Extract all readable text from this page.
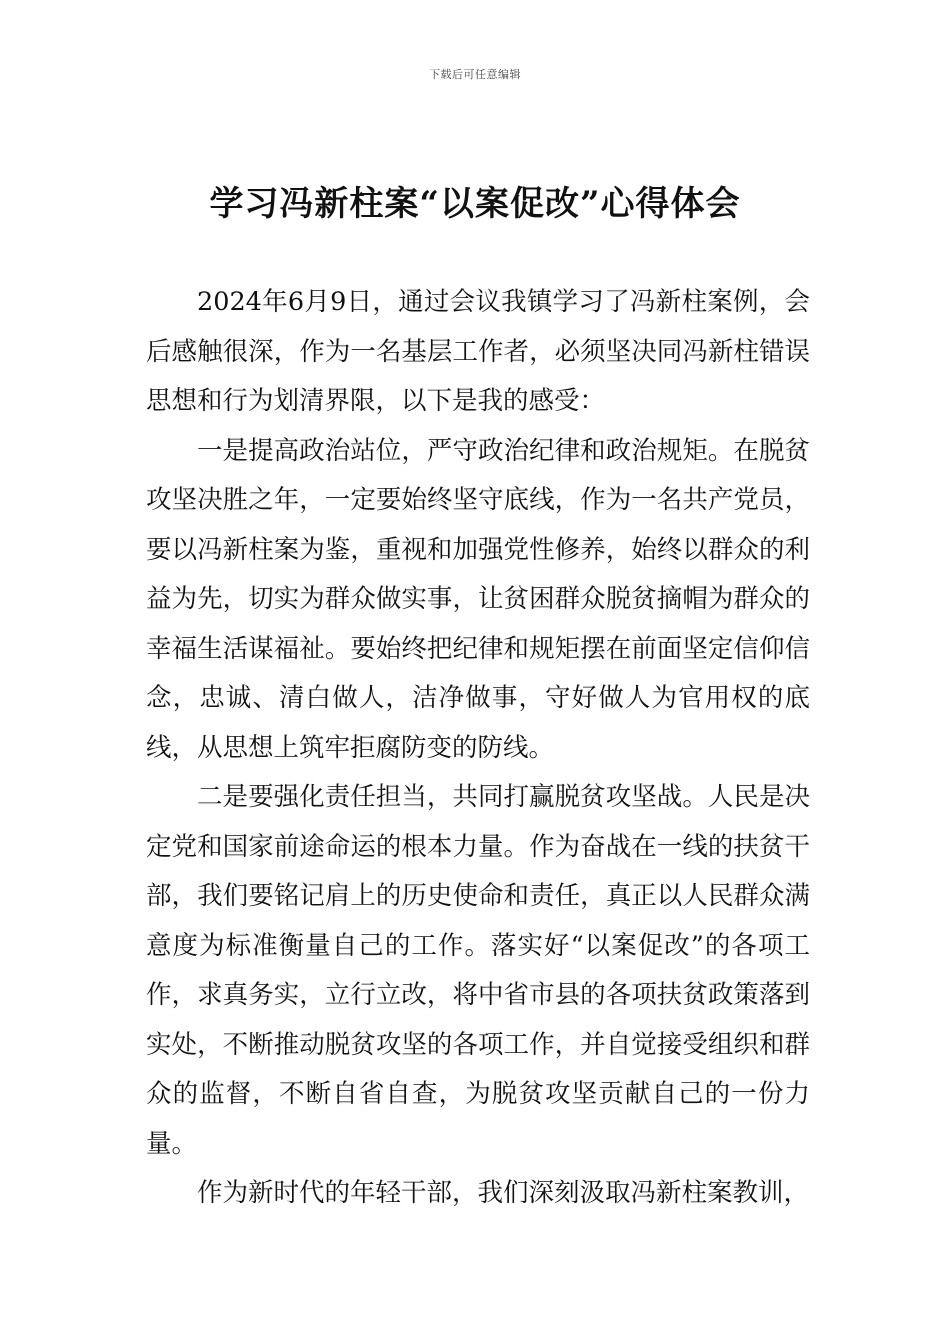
下载后可任意编辑
学习冯新柱案“以案促改”心得体会

2024年6月9日，通过会议我镇学习了冯新柱案例，会后感触很深，作为一名基层工作者，必须坚决同冯新柱错误思想和行为划清界限，以下是我的感受：

一是提高政治站位，严守政治纪律和政治规矩。在脱贫攻坚决胜之年，一定要始终坚守底线，作为一名共产党员，要以冯新柱案为鉴，重视和加强党性修养，始终以群众的利益为先，切实为群众做实事，让贫困群众脱贫摘帽为群众的幸福生活谋福祉。要始终把纪律和规矩摆在前面坚定信仰信念，忠诚、清白做人，洁净做事，守好做人为官用权的底线，从思想上筑牢拒腐防变的防线。

二是要强化责任担当，共同打赢脱贫攻坚战。人民是决定党和国家前途命运的根本力量。作为奋战在一线的扶贫干部，我们要铭记肩上的历史使命和责任，真正以人民群众满意度为标准衡量自己的工作。落实好“以案促改”的各项工作，求真务实，立行立改，将中省市县的各项扶贫政策落到实处，不断推动脱贫攻坚的各项工作，并自觉接受组织和群众的监督，不断自省自查，为脱贫攻坚贡献自己的一份力量。

作为新时代的年轻干部，我们深刻汲取冯新柱案教训，
